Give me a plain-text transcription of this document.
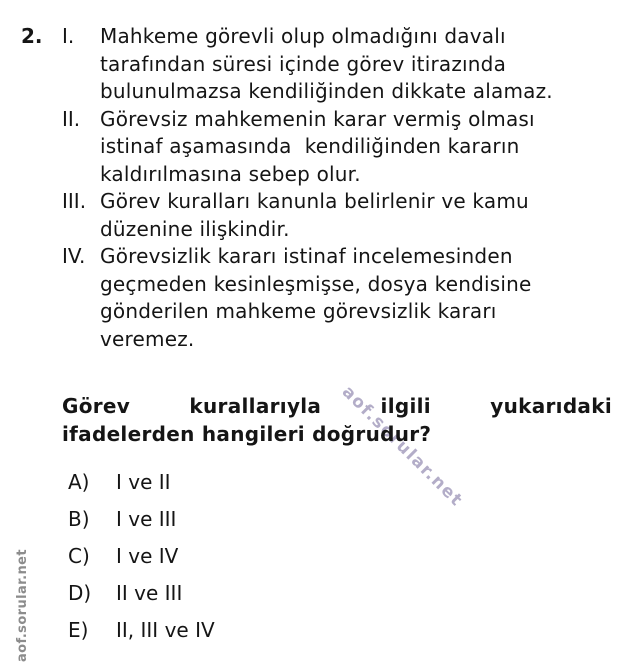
aof.sorular.net
aof.sorular.net
2. I.	Mahkeme görevli olup olmadığını davalı
tarafından süresi içinde görev itirazında
bulunulmazsa kendiliğinden dikkate alamaz.
II. Görevsiz mahkemenin karar vermiş olması
istinaf aşamasında  kendiliğinden kararın
kaldırılmasına sebep olur.
III. Görev kuralları kanunla belirlenir ve kamu
düzenine ilişkindir.
IV. Görevsizlik kararı istinaf incelemesinden
geçmeden kesinleşmişse, dosya kendisine
gönderilen mahkeme görevsizlik kararı
veremez.
Görev kurallarıyla ilgili yukarıdaki
ifadelerden hangileri doğrudur?
A)	I ve II
B)	I ve III
C)	I ve IV
D)	II ve III
E)	II, III ve IV
